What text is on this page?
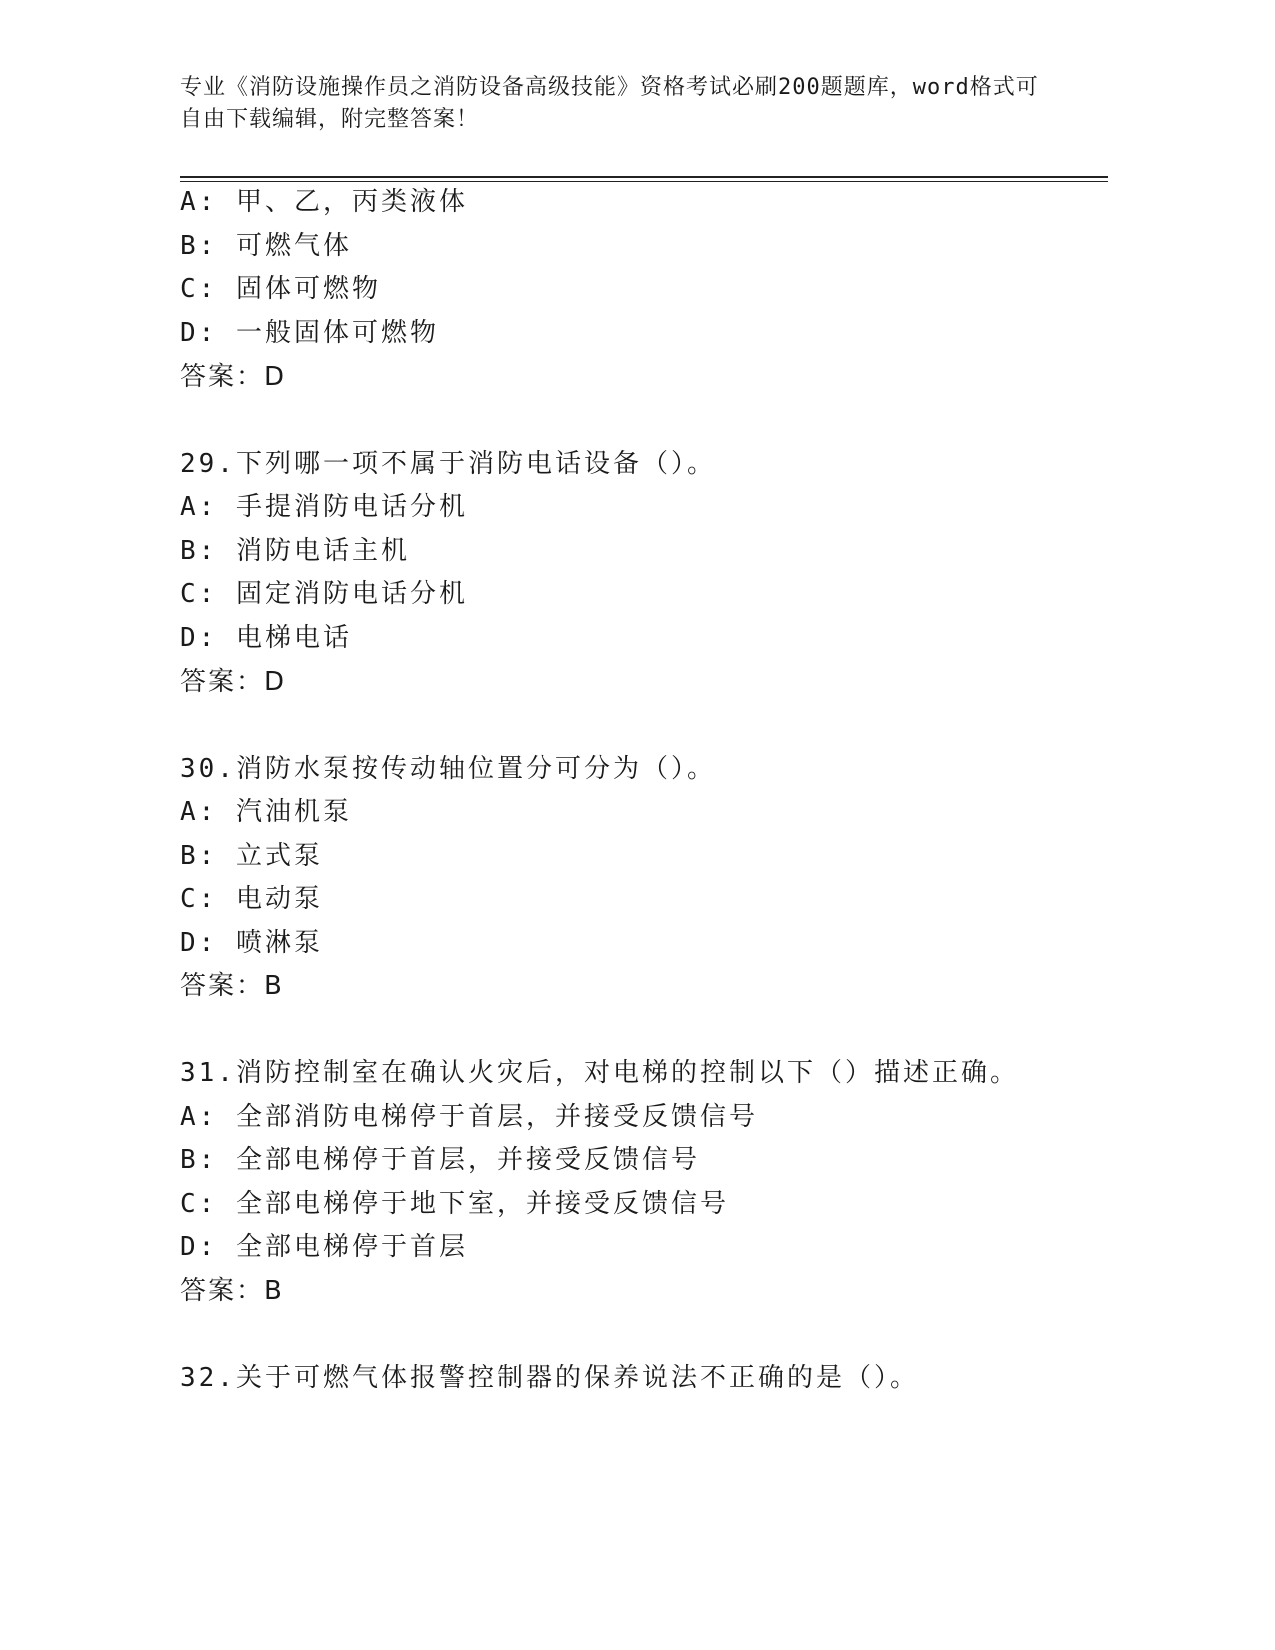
专业《消防设施操作员之消防设备高级技能》资格考试必刷200题题库，word格式可自由下载编辑，附完整答案！
A: 甲、乙，丙类液体
B: 可燃气体
C: 固体可燃物
D: 一般固体可燃物
答案：D
29.下列哪一项不属于消防电话设备（）。
A: 手提消防电话分机
B: 消防电话主机
C: 固定消防电话分机
D: 电梯电话
答案：D
30.消防水泵按传动轴位置分可分为（）。
A: 汽油机泵
B: 立式泵
C: 电动泵
D: 喷淋泵
答案：B
31.消防控制室在确认火灾后，对电梯的控制以下（）描述正确。
A: 全部消防电梯停于首层，并接受反馈信号
B: 全部电梯停于首层，并接受反馈信号
C: 全部电梯停于地下室，并接受反馈信号
D: 全部电梯停于首层
答案：B
32.关于可燃气体报警控制器的保养说法不正确的是（）。
